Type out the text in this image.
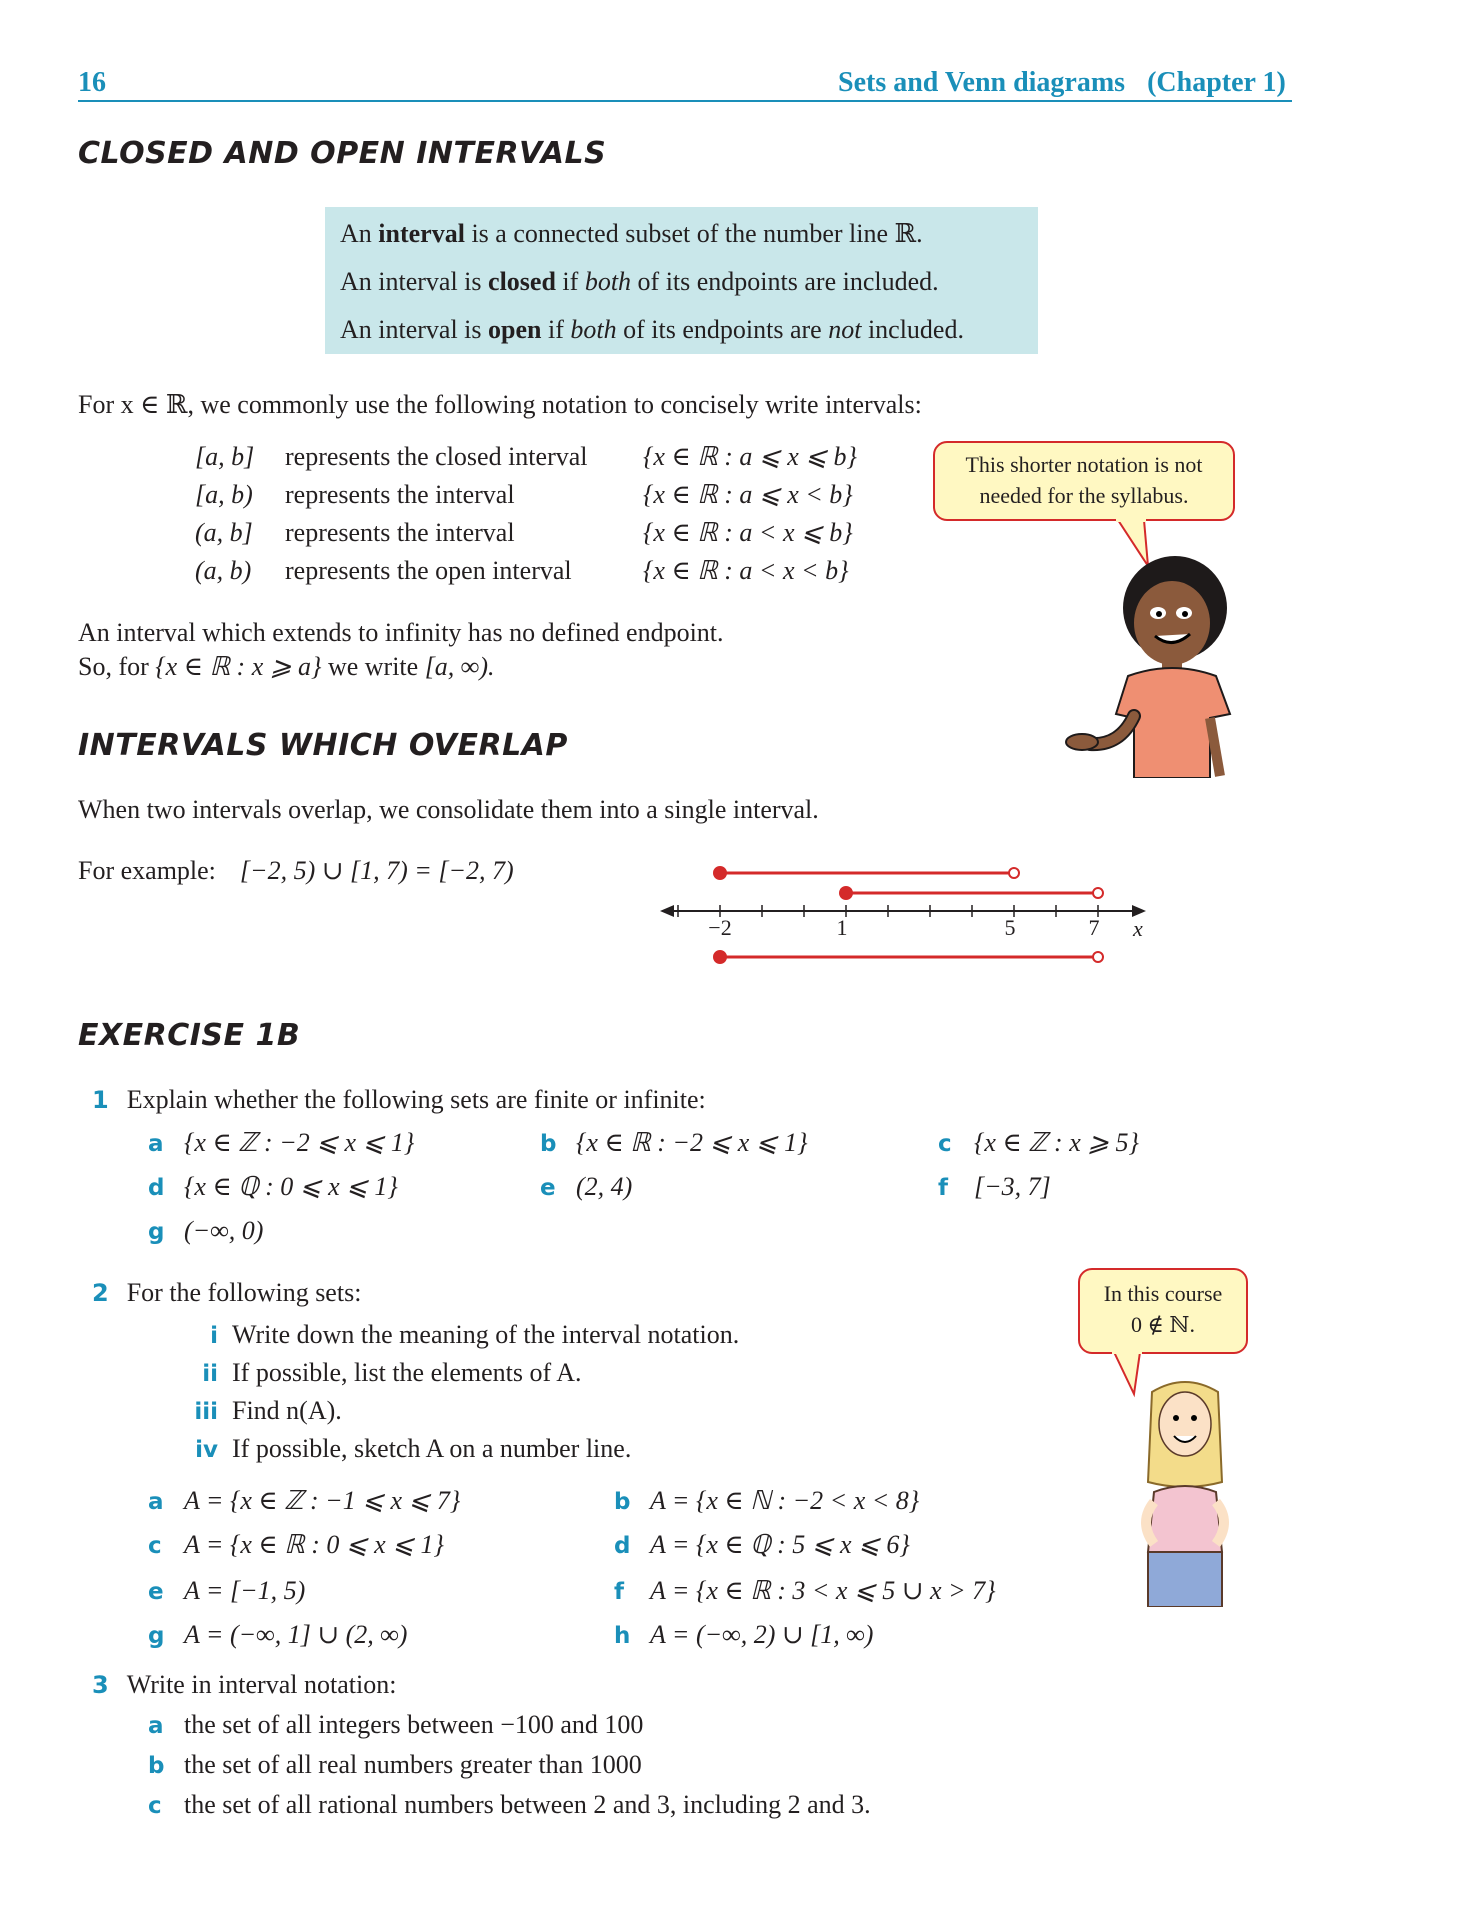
16	Sets and Venn diagrams (Chapter 1)
CLOSED AND OPEN INTERVALS
An interval is a connected subset of the number line ℝ.
An interval is closed if both of its endpoints are included.
An interval is open if both of its endpoints are not included.
For x ∈ ℝ, we commonly use the following notation to concisely write intervals:
[a, b] represents the closed interval {x ∈ ℝ : a ⩽ x ⩽ b}
[a, b) represents the interval	{x ∈ ℝ : a ⩽ x < b}
(a, b] represents the interval	{x ∈ ℝ : a < x ⩽ b}
(a, b) represents the open interval	{x ∈ ℝ : a < x < b}
This shorter notation is not
needed for the syllabus.
An interval which extends to infinity has no defined endpoint.
So, for {x ∈ ℝ : x ⩾ a} we write [a, ∞).
INTERVALS WHICH OVERLAP
When two intervals overlap, we consolidate them into a single interval.
For example: [−2, 5) ∪ [1, 7) = [−2, 7)
x
−2	1	5	7
EXERCISE 1B
1 Explain whether the following sets are finite or infinite:
a {x ∈ ℤ : −2 ⩽ x ⩽ 1}	b {x ∈ ℝ : −2 ⩽ x ⩽ 1}	c {x ∈ ℤ : x ⩾ 5}
d {x ∈ ℚ : 0 ⩽ x ⩽ 1}	e (2, 4)	f [−3, 7]
g (−∞, 0)
2 For the following sets:
i Write down the meaning of the interval notation.
ii If possible, list the elements of A.
iii Find n(A).
iv If possible, sketch A on a number line.
a A = {x ∈ ℤ : −1 ⩽ x ⩽ 7}	b A = {x ∈ ℕ : −2 < x < 8}
c A = {x ∈ ℝ : 0 ⩽ x ⩽ 1}	d A = {x ∈ ℚ : 5 ⩽ x ⩽ 6}
e A = [−1, 5)	f A = {x ∈ ℝ : 3 < x ⩽ 5 ∪ x > 7}
g A = (−∞, 1] ∪ (2, ∞)	h A = (−∞, 2) ∪ [1, ∞)
In this course
0 ∉ ℕ.
3 Write in interval notation:
a the set of all integers between −100 and 100
b the set of all real numbers greater than 1000
c the set of all rational numbers between 2 and 3, including 2 and 3.
